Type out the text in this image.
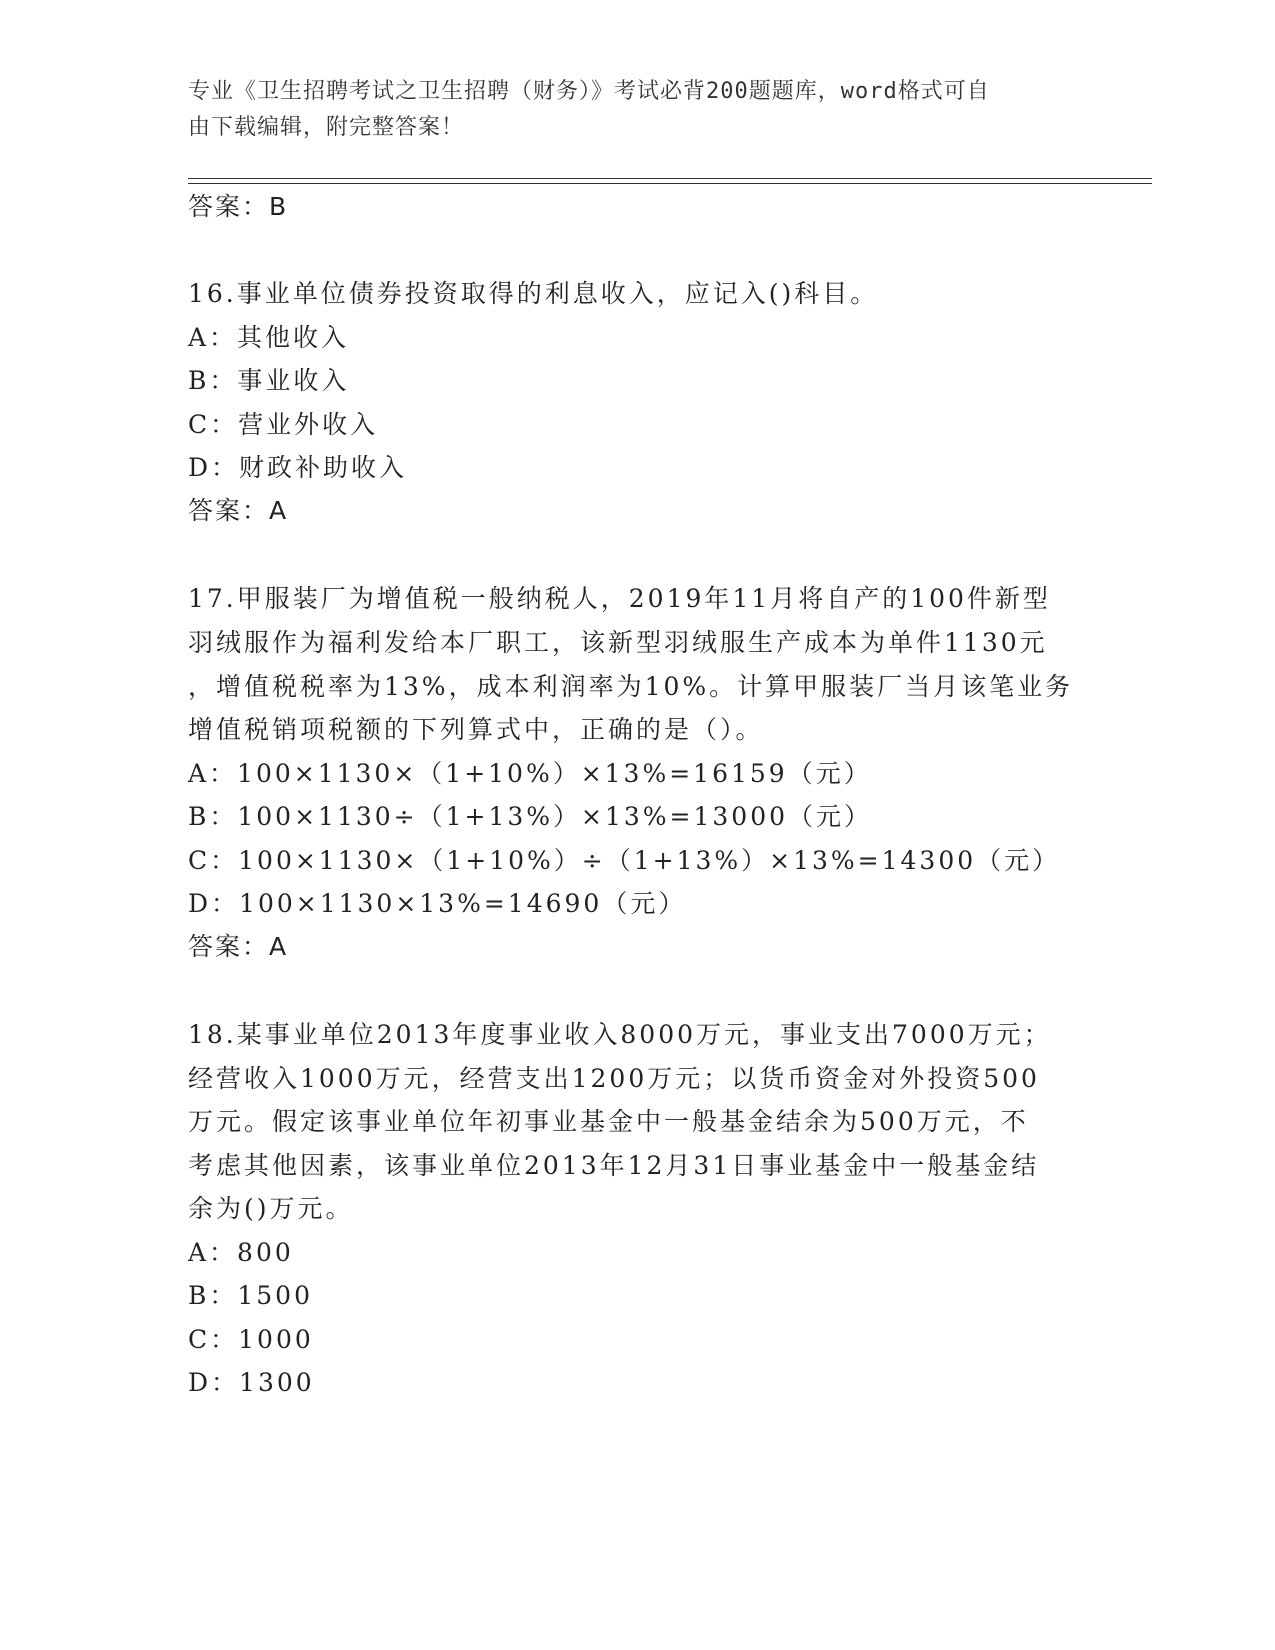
专业《卫生招聘考试之卫生招聘（财务）》考试必背200题题库，word格式可自
由下载编辑，附完整答案！
答案：B
16.事业单位债券投资取得的利息收入，应记入()科目。
A：其他收入
B：事业收入
C：营业外收入
D：财政补助收入
答案：A
17.甲服装厂为增值税一般纳税人，2019年11月将自产的100件新型
羽绒服作为福利发给本厂职工，该新型羽绒服生产成本为单件1130元
，增值税税率为13%，成本利润率为10%。计算甲服装厂当月该笔业务
增值税销项税额的下列算式中，正确的是（）。
A：100×1130×（1+10%）×13%=16159（元）
B：100×1130÷（1+13%）×13%=13000（元）
C：100×1130×（1+10%）÷（1+13%）×13%=14300（元）
D：100×1130×13%=14690（元）
答案：A
18.某事业单位2013年度事业收入8000万元，事业支出7000万元；
经营收入1000万元，经营支出1200万元；以货币资金对外投资500
万元。假定该事业单位年初事业基金中一般基金结余为500万元，不
考虑其他因素，该事业单位2013年12月31日事业基金中一般基金结
余为()万元。
A：800
B：1500
C：1000
D：1300
